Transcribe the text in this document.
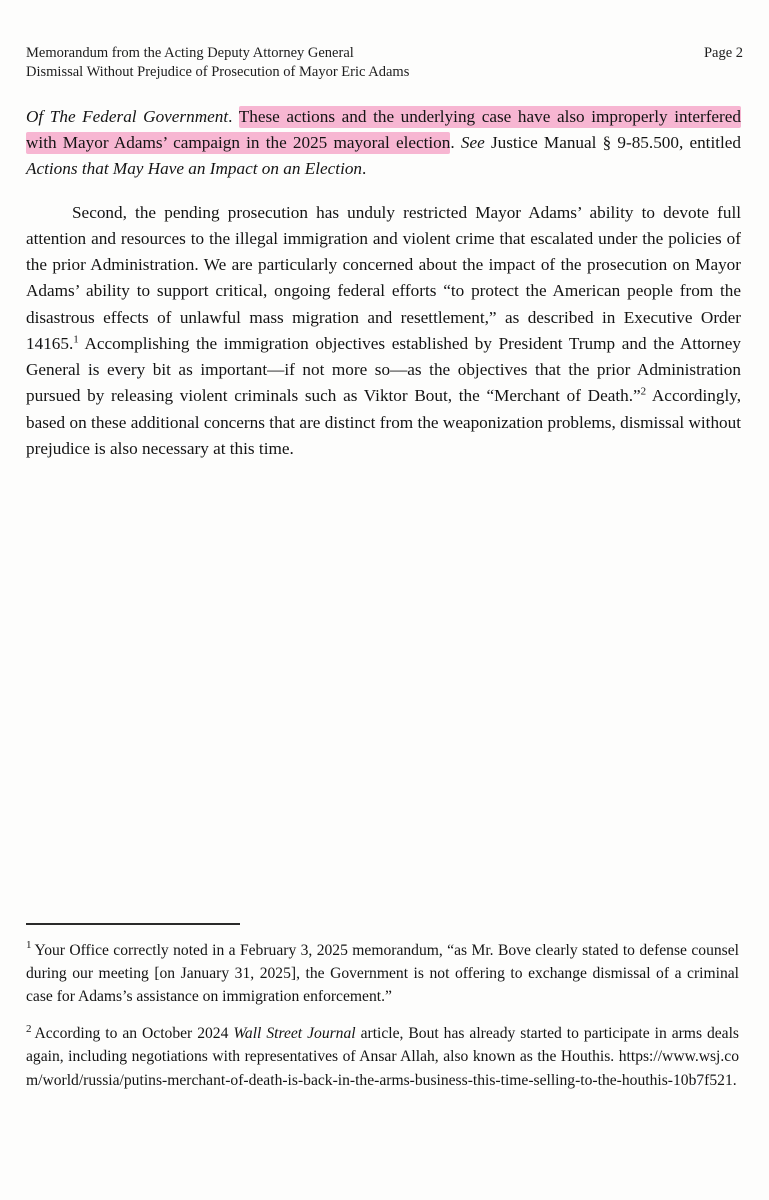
Memorandum from the Acting Deputy Attorney General
Dismissal Without Prejudice of Prosecution of Mayor Eric Adams
Page 2

Of The Federal Government. These actions and the underlying case have also improperly interfered with Mayor Adams’ campaign in the 2025 mayoral election. See Justice Manual § 9-85.500, entitled Actions that May Have an Impact on an Election.

Second, the pending prosecution has unduly restricted Mayor Adams’ ability to devote full attention and resources to the illegal immigration and violent crime that escalated under the policies of the prior Administration. We are particularly concerned about the impact of the prosecution on Mayor Adams’ ability to support critical, ongoing federal efforts “to protect the American people from the disastrous effects of unlawful mass migration and resettlement,” as described in Executive Order 14165.$^1$ Accomplishing the immigration objectives established by President Trump and the Attorney General is every bit as important—if not more so—as the objectives that the prior Administration pursued by releasing violent criminals such as Viktor Bout, the “Merchant of Death.”$^2$ Accordingly, based on these additional concerns that are distinct from the weaponization problems, dismissal without prejudice is also necessary at this time.

$^1$ Your Office correctly noted in a February 3, 2025 memorandum, “as Mr. Bove clearly stated to defense counsel during our meeting [on January 31, 2025], the Government is not offering to exchange dismissal of a criminal case for Adams’s assistance on immigration enforcement.”

$^2$ According to an October 2024 Wall Street Journal article, Bout has already started to participate in arms deals again, including negotiations with representatives of Ansar Allah, also known as the Houthis. https://www.wsj.com/world/russia/putins-merchant-of-death-is-back-in-the-arms-business-this-time-selling-to-the-houthis-10b7f521.
